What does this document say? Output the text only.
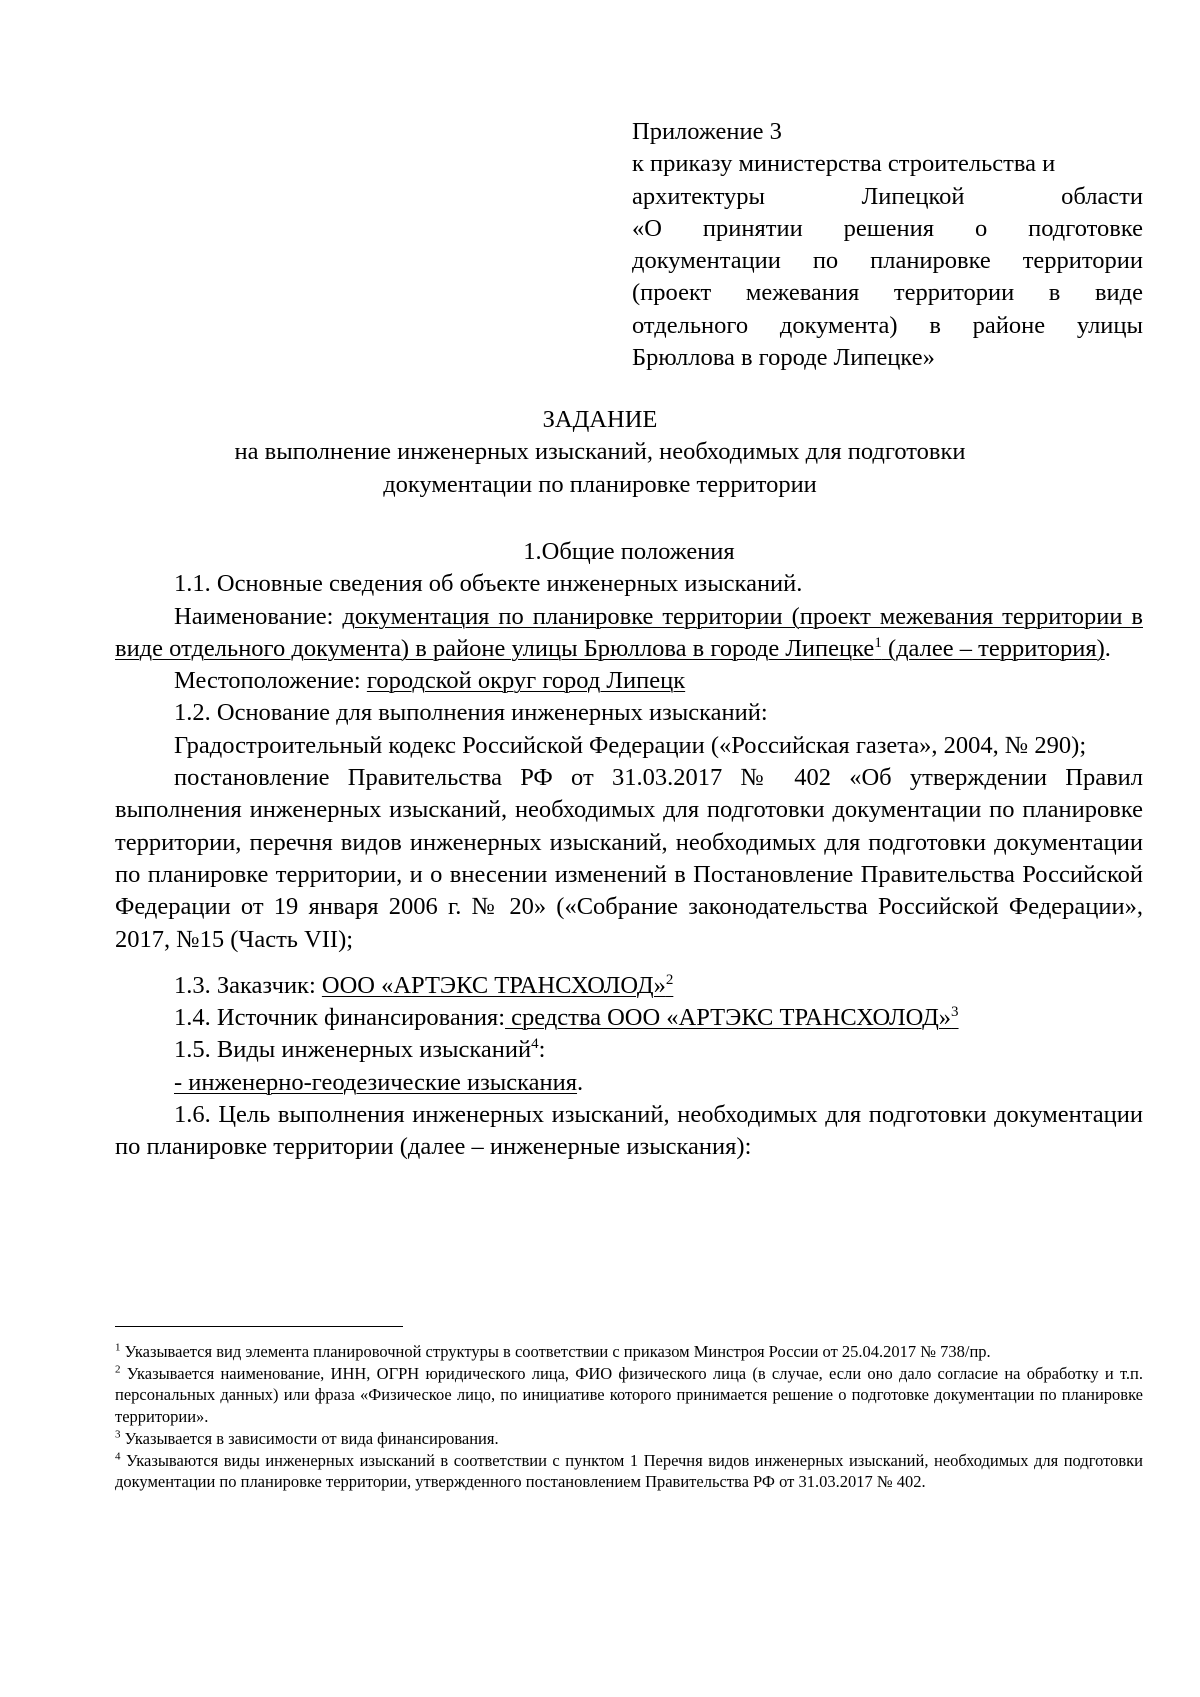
Приложение 3
к приказу министерства строительства и
архитектуры Липецкой области
«О принятии решения о подготовке
документации по планировке территории
(проект межевания территории в виде
отдельного документа) в районе улицы
Брюллова в городе Липецке»
ЗАДАНИЕ
на выполнение инженерных изысканий, необходимых для подготовки
документации по планировке территории
1.Общие положения
1.1. Основные сведения об объекте инженерных изысканий.
Наименование: документация по планировке территории (проект межевания территории в виде отдельного документа) в районе улицы Брюллова в городе Липецке$^1$ (далее – территория).
Местоположение: городской округ город Липецк
1.2. Основание для выполнения инженерных изысканий:
Градостроительный кодекс Российской Федерации («Российская газета», 2004, № 290);
постановление Правительства РФ от 31.03.2017 № 402 «Об утверждении Правил выполнения инженерных изысканий, необходимых для подготовки документации по планировке территории, перечня видов инженерных изысканий, необходимых для подготовки документации по планировке территории, и о внесении изменений в Постановление Правительства Российской Федерации от 19 января 2006 г. № 20» («Собрание законодательства Российской Федерации», 2017, №15 (Часть VII);
1.3. Заказчик: ООО «АРТЭКС ТРАНСХОЛОД»$^2$
1.4. Источник финансирования: средства ООО «АРТЭКС ТРАНСХОЛОД»$^3$
1.5. Виды инженерных изысканий$^4$:
- инженерно-геодезические изыскания.
1.6. Цель выполнения инженерных изысканий, необходимых для подготовки документации по планировке территории (далее – инженерные изыскания):
$^1$ Указывается вид элемента планировочной структуры в соответствии с приказом Минстроя России от 25.04.2017 № 738/пр.
$^2$ Указывается наименование, ИНН, ОГРН юридического лица, ФИО физического лица (в случае, если оно дало согласие на обработку и т.п. персональных данных) или фраза «Физическое лицо, по инициативе которого принимается решение о подготовке документации по планировке территории».
$^3$ Указывается в зависимости от вида финансирования.
$^4$ Указываются виды инженерных изысканий в соответствии с пунктом 1 Перечня видов инженерных изысканий, необходимых для подготовки документации по планировке территории, утвержденного постановлением Правительства РФ от 31.03.2017 № 402.
